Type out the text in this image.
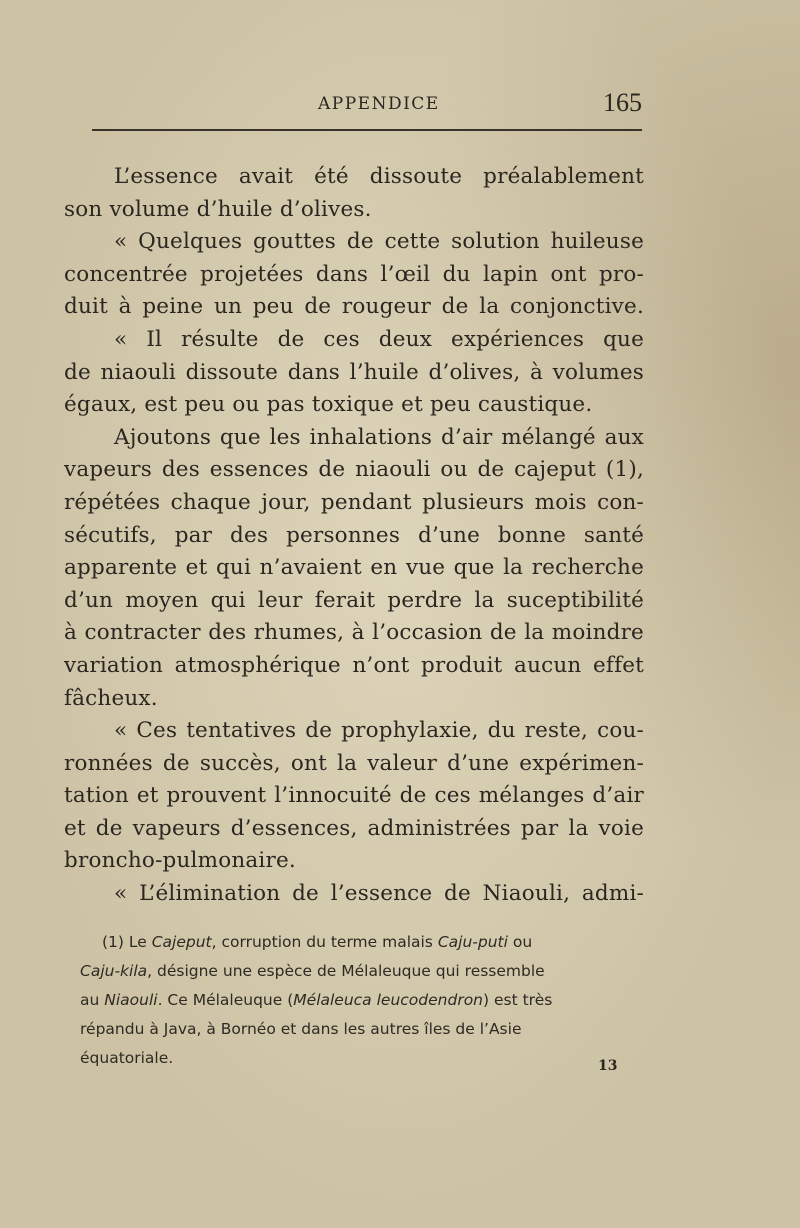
APPENDICE	165
L’essence avait été dissoute préalablement
son volume d’huile d’olives.
« Quelques gouttes de cette solution huileuse
concentrée projetées dans l’œil du lapin ont pro-
duit à peine un peu de rougeur de la conjonctive.
« Il résulte de ces deux expériences que
de niaouli dissoute dans l’huile d’olives, à volumes
égaux, est peu ou pas toxique et peu caustique.
Ajoutons que les inhalations d’air mélangé aux
vapeurs des essences de niaouli ou de cajeput (1),
répétées chaque jour, pendant plusieurs mois con-
sécutifs, par des personnes d’une bonne santé
apparente et qui n’avaient en vue que la recherche
d’un moyen qui leur ferait perdre la suceptibilité
à contracter des rhumes, à l’occasion de la moindre
variation atmosphérique n’ont produit aucun effet
fâcheux.
« Ces tentatives de prophylaxie, du reste, cou-
ronnées de succès, ont la valeur d’une expérimen-
tation et prouvent l’innocuité de ces mélanges d’air
et de vapeurs d’essences, administrées par la voie
broncho-pulmonaire.
« L’élimination de l’essence de Niaouli, admi-
(1) Le Cajeput, corruption du terme malais Caju-puti ou
Caju-kila, désigne une espèce de Mélaleuque qui ressemble
au Niaouli. Ce Mélaleuque (Mélaleuca leucodendron) est très
répandu à Java, à Bornéo et dans les autres îles de l’Asie
équatoriale.	13
